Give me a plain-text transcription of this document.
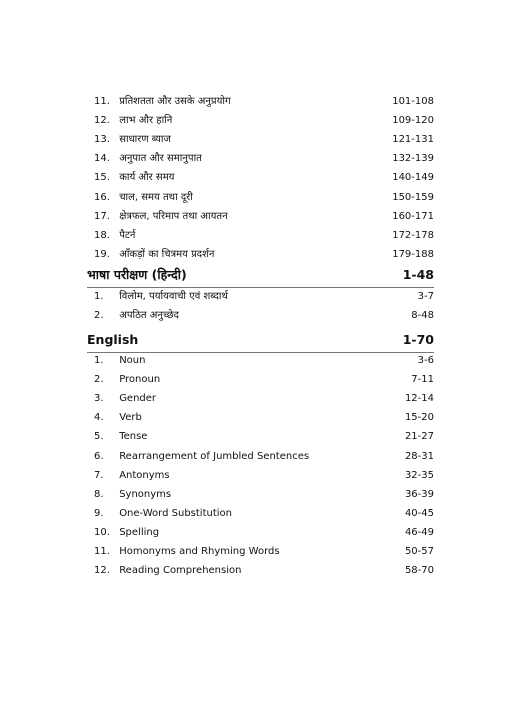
11. प्रतिशतता और उसके अनुप्रयोग	101-108
12. लाभ और हानि	109-120
13. साधारण ब्याज	121-131
14. अनुपात और समानुपात	132-139
15. कार्य और समय	140-149
16. चाल, समय तथा दूरी	150-159
17. क्षेत्रफल, परिमाप तथा आयतन	160-171
18. पैटर्न	172-178
19. आँकड़ों का चित्रमय प्रदर्शन	179-188
भाषा परीक्षण (हिन्दी)	1-48
1. विलोम, पर्यायवाची एवं शब्दार्थ	3-7
2. अपठित अनुच्छेद	8-48
English	1-70
1. Noun	3-6
2. Pronoun	7-11
3. Gender	12-14
4. Verb	15-20
5. Tense	21-27
6. Rearrangement of Jumbled Sentences	28-31
7. Antonyms	32-35
8. Synonyms	36-39
9. One-Word Substitution	40-45
10. Spelling	46-49
11. Homonyms and Rhyming Words	50-57
12. Reading Comprehension	58-70
